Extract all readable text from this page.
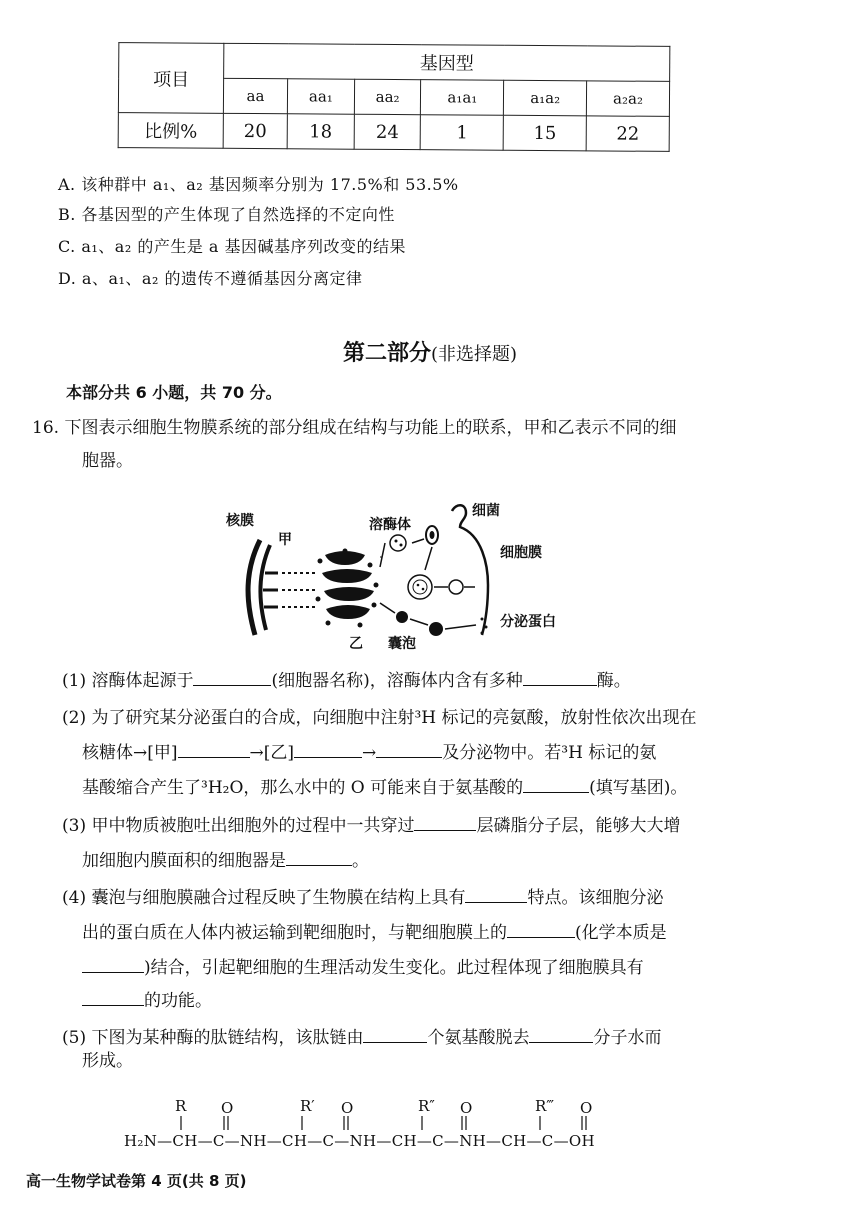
项目	基因型					
	aa	aa₁	aa₂	a₁a₁	a₁a₂	a₂a₂
比例%	20	18	24	1	15	22
A. 该种群中 a₁、a₂ 基因频率分别为 17.5%和 53.5%
B. 各基因型的产生体现了自然选择的不定向性
C. a₁、a₂ 的产生是 a 基因碱基序列改变的结果
D. a、a₁、a₂ 的遗传不遵循基因分离定律
第二部分(非选择题)
本部分共 6 小题，共 70 分。
16. 下图表示细胞生物膜系统的部分组成在结构与功能上的联系，甲和乙表示不同的细
胞器。
核膜
甲
溶酶体
细菌
细胞膜
分泌蛋白
乙 囊泡
(1) 溶酶体起源于	(细胞器名称)，溶酶体内含有多种	酶。
(2) 为了研究某分泌蛋白的合成，向细胞中注射³H 标记的亮氨酸，放射性依次出现在
核糖体→[甲]	→[乙]	→	及分泌物中。若³H 标记的氨
基酸缩合产生了³H₂O，那么水中的 O 可能来自于氨基酸的	(填写基团)。
(3) 甲中物质被胞吐出细胞外的过程中一共穿过	层磷脂分子层，能够大大增
加细胞内膜面积的细胞器是	。
(4) 囊泡与细胞膜融合过程反映了生物膜在结构上具有	特点。该细胞分泌
出的蛋白质在人体内被运输到靶细胞时，与靶细胞膜上的	(化学本质是
)结合，引起靶细胞的生理活动发生变化。此过程体现了细胞膜具有
的功能。
(5) 下图为某种酶的肽链结构，该肽链由	个氨基酸脱去	分子水而
形成。
R	R′	R″	R‴
O	O	O	O
H₂N—CH—C—NH—CH—C—NH—CH—C—NH—CH—C—OH
高一生物学试卷第 4 页(共 8 页)
